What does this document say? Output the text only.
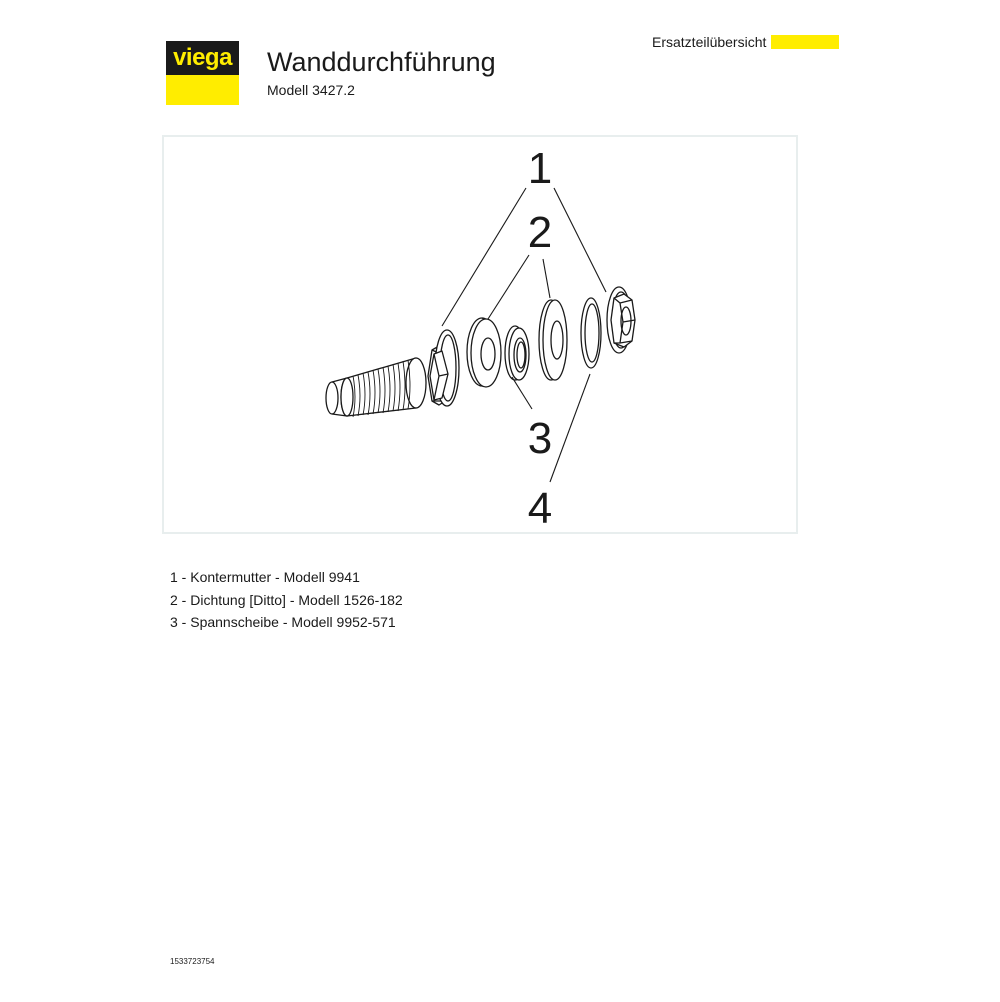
viega Wanddurchführung
Modell 3427.2
Ersatzteilübersicht
1
2
3
4
1 - Kontermutter - Modell 9941
2 - Dichtung [Ditto] - Modell 1526-182
3 - Spannscheibe - Modell 9952-571
1533723754
